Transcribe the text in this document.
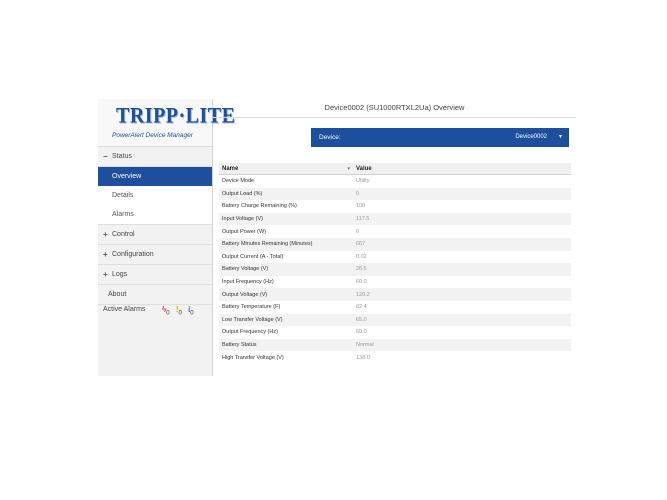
TRIPP·LITE
PowerAlert Device Manager
− Status
Overview
Details
Alarms
+ Control
+ Configuration
+ Logs
About
Active Alarms $ϟ_0$ $!_0$ $i_0$
Device0002 (SU1000RTXL2Ua) Overview
Device:	Device0002 ▾
Name ▾	Value
Device Mode	Utility
Output Load (%)	0
Battery Charge Remaining (%)	100
Input Voltage (V)	117.5
Output Power (W)	0
Battery Minutes Remaining (Minutes)	667
Output Current (A - Total)	0.02
Battery Voltage (V)	26.5
Input Frequency (Hz)	60.0
Output Voltage (V)	120.2
Battery Temperature (F)	82.4
Low Transfer Voltage (V)	65.0
Output Frequency (Hz)	60.0
Battery Status	Normal
High Transfer Voltage (V)	138.0
